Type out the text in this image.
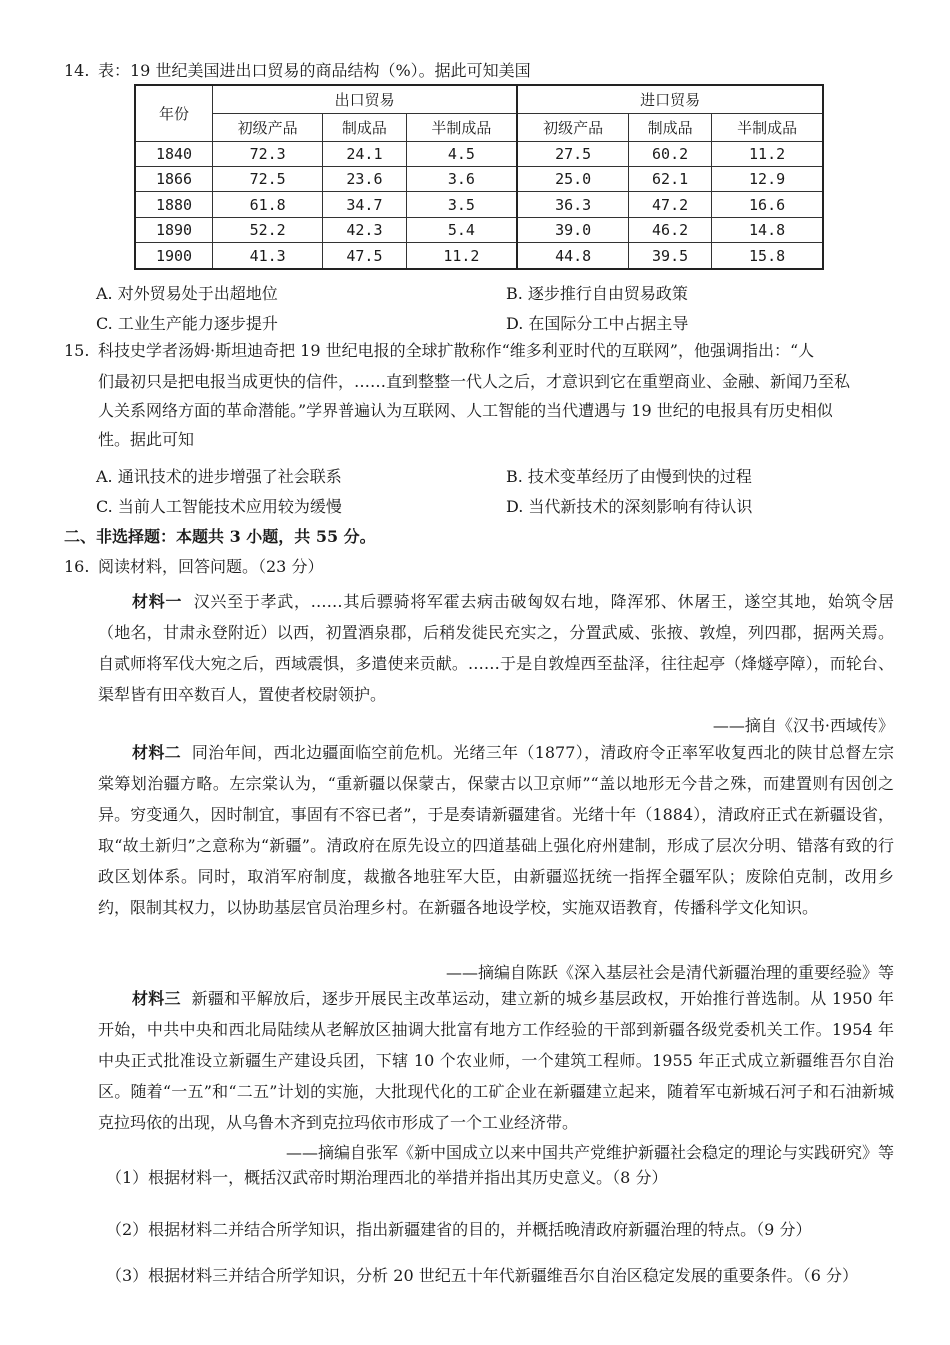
14. 表：19 世纪美国进出口贸易的商品结构（%）。据此可知美国
年份	出口贸易			进口贸易		
	初级产品	制成品	半制成品	初级产品	制成品	半制成品
1840	72.3	24.1	4.5	27.5	60.2	11.2
1866	72.5	23.6	3.6	25.0	62.1	12.9
1880	61.8	34.7	3.5	36.3	47.2	16.6
1890	52.2	42.3	5.4	39.0	46.2	14.8
1900	41.3	47.5	11.2	44.8	39.5	15.8
A. 对外贸易处于出超地位	B. 逐步推行自由贸易政策
C. 工业生产能力逐步提升	D. 在国际分工中占据主导
15. 科技史学者汤姆·斯坦迪奇把 19 世纪电报的全球扩散称作“维多利亚时代的互联网”，他强调指出：“人
们最初只是把电报当成更快的信件，……直到整整一代人之后，才意识到它在重塑商业、金融、新闻乃至私
人关系网络方面的革命潜能。”学界普遍认为互联网、人工智能的当代遭遇与 19 世纪的电报具有历史相似
性。据此可知
A. 通讯技术的进步增强了社会联系	B. 技术变革经历了由慢到快的过程
C. 当前人工智能技术应用较为缓慢	D. 当代新技术的深刻影响有待认识
二、非选择题：本题共 3 小题，共 55 分。
16. 阅读材料，回答问题。（23 分）
材料一 汉兴至于孝武，……其后骠骑将军霍去病击破匈奴右地，降浑邪、休屠王，遂空其地，始筑令居（地名，甘肃永登附近）以西，初置酒泉郡，后稍发徙民充实之，分置武威、张掖、敦煌，列四郡，据两关焉。自贰师将军伐大宛之后，西域震惧，多遣使来贡献。……于是自敦煌西至盐泽，往往起亭（烽燧亭障），而轮台、渠犁皆有田卒数百人，置使者校尉领护。
——摘自《汉书·西域传》
材料二 同治年间，西北边疆面临空前危机。光绪三年（1877），清政府令正率军收复西北的陕甘总督左宗棠筹划治疆方略。左宗棠认为，“重新疆以保蒙古，保蒙古以卫京师”“盖以地形无今昔之殊，而建置则有因创之异。穷变通久，因时制宜，事固有不容已者”，于是奏请新疆建省。光绪十年（1884），清政府正式在新疆设省，取“故土新归”之意称为“新疆”。清政府在原先设立的四道基础上强化府州建制，形成了层次分明、错落有致的行政区划体系。同时，取消军府制度，裁撤各地驻军大臣，由新疆巡抚统一指挥全疆军队；废除伯克制，改用乡约，限制其权力，以协助基层官员治理乡村。在新疆各地设学校，实施双语教育，传播科学文化知识。
——摘编自陈跃《深入基层社会是清代新疆治理的重要经验》等
材料三 新疆和平解放后，逐步开展民主改革运动，建立新的城乡基层政权，开始推行普选制。从 1950 年开始，中共中央和西北局陆续从老解放区抽调大批富有地方工作经验的干部到新疆各级党委机关工作。1954 年中央正式批准设立新疆生产建设兵团，下辖 10 个农业师，一个建筑工程师。1955 年正式成立新疆维吾尔自治区。随着“一五”和“二五”计划的实施，大批现代化的工矿企业在新疆建立起来，随着军屯新城石河子和石油新城克拉玛依的出现，从乌鲁木齐到克拉玛依市形成了一个工业经济带。
——摘编自张军《新中国成立以来中国共产党维护新疆社会稳定的理论与实践研究》等
（1）根据材料一，概括汉武帝时期治理西北的举措并指出其历史意义。（8 分）
（2）根据材料二并结合所学知识，指出新疆建省的目的，并概括晚清政府新疆治理的特点。（9 分）
（3）根据材料三并结合所学知识，分析 20 世纪五十年代新疆维吾尔自治区稳定发展的重要条件。（6 分）
